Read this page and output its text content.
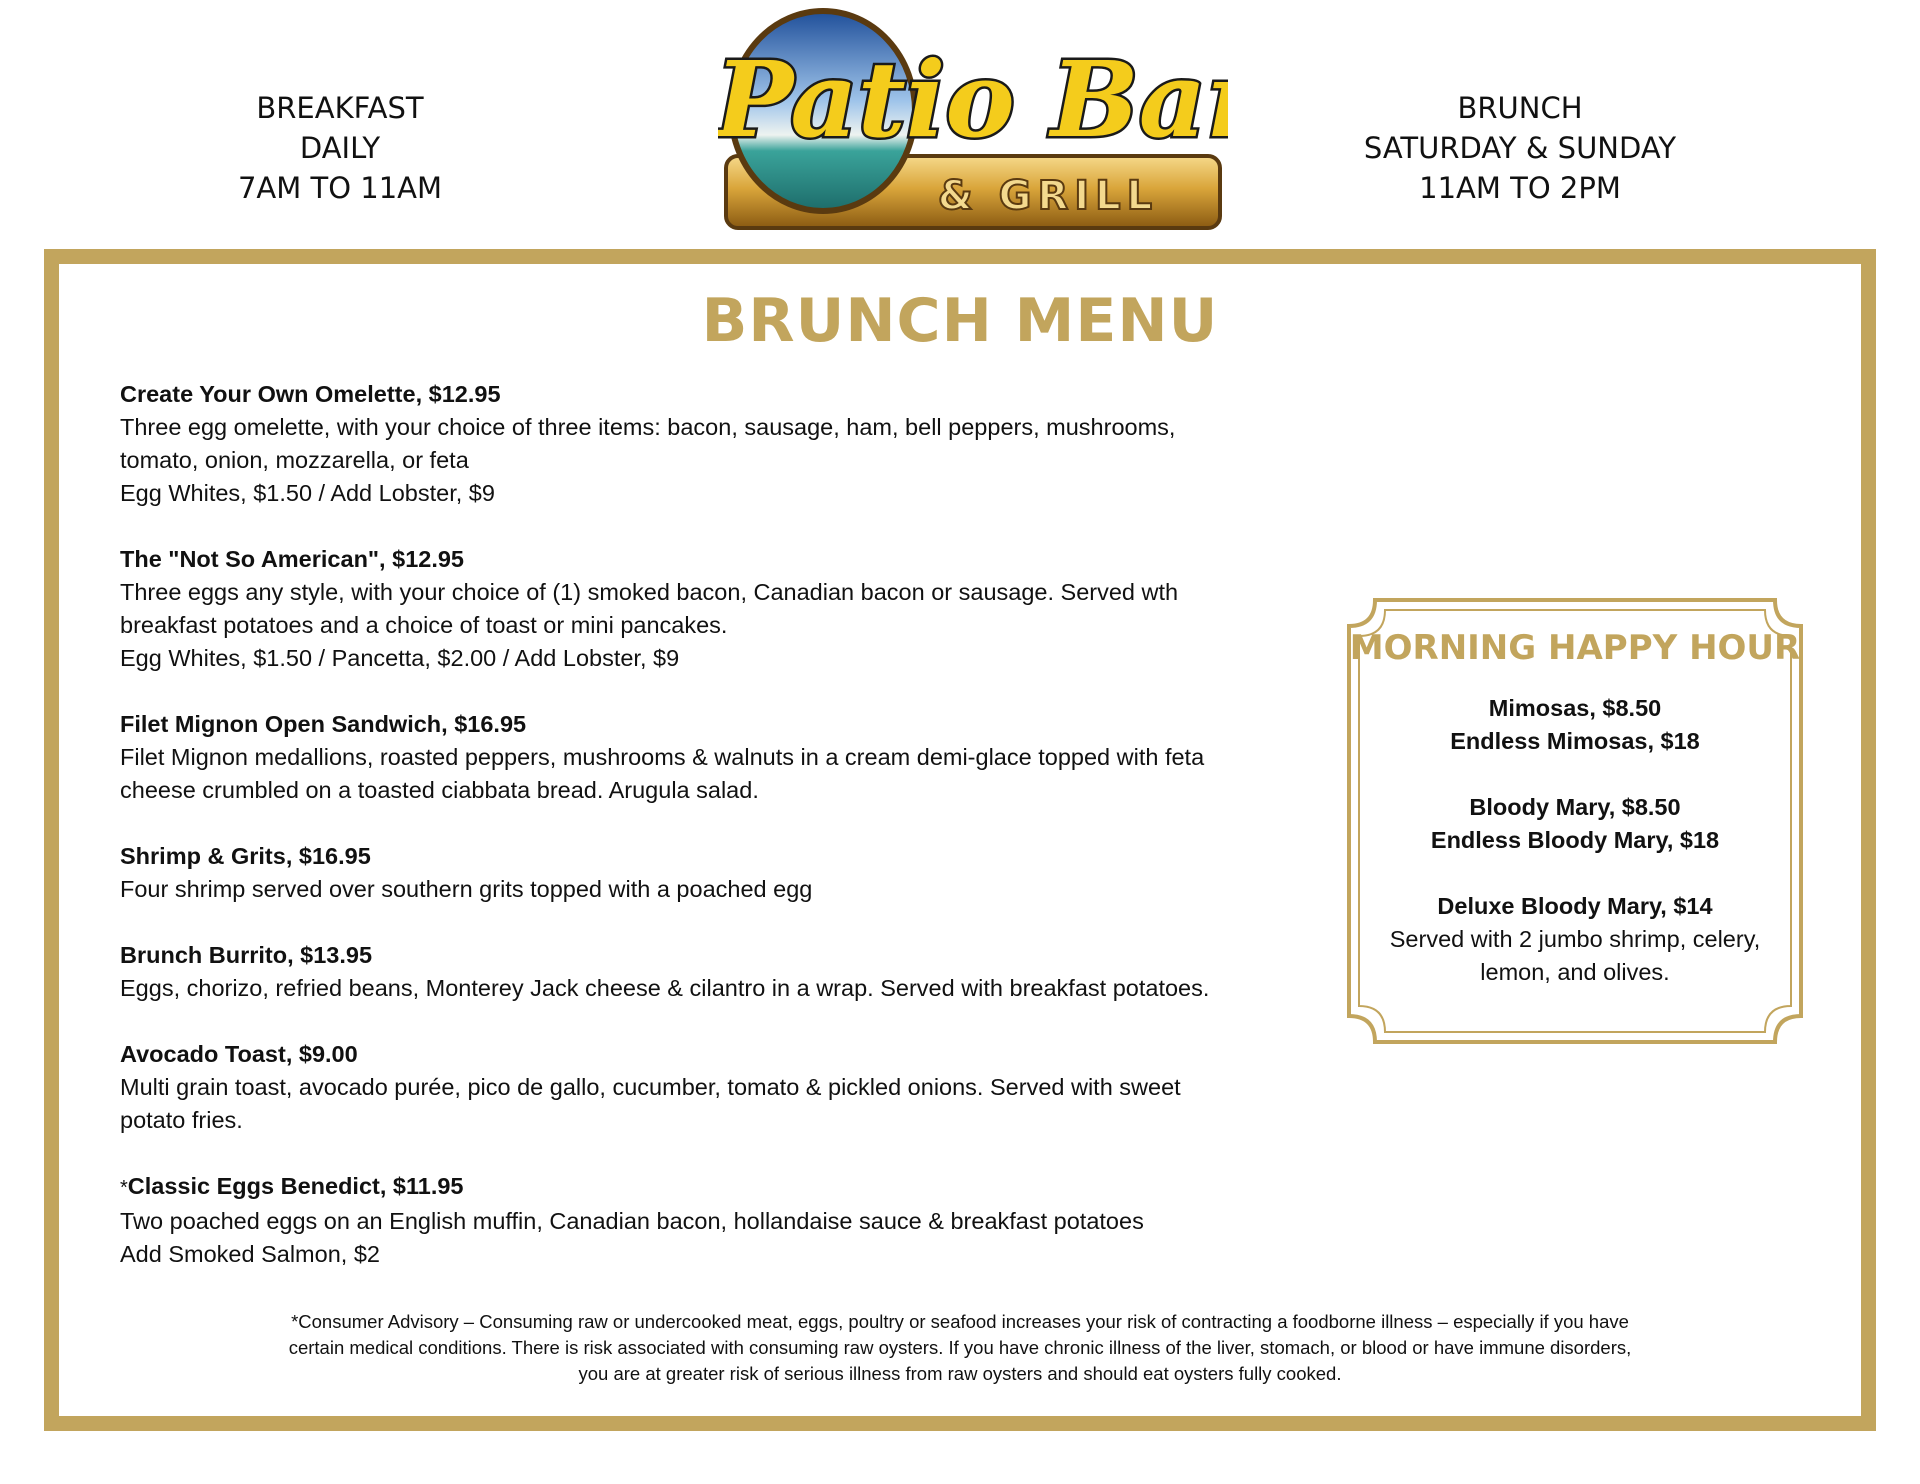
BREAKFAST
DAILY
7AM TO 11AM	& GRILL
Patio Bar	BRUNCH
SATURDAY & SUNDAY
11AM TO 2PM
BRUNCH MENU
Create Your Own Omelette, $12.95

Three egg omelette, with your choice of three items: bacon, sausage, ham, bell peppers, mushrooms, tomato, onion, mozzarella, or feta

Egg Whites, $1.50 / Add Lobster, $9

The "Not So American", $12.95

Three eggs any style, with your choice of (1) smoked bacon, Canadian bacon or sausage. Served wth breakfast potatoes and a choice of toast or mini pancakes.

Egg Whites, $1.50 / Pancetta, $2.00 / Add Lobster, $9

Filet Mignon Open Sandwich, $16.95

Filet Mignon medallions, roasted peppers, mushrooms & walnuts in a cream demi-glace topped with feta cheese crumbled on a toasted ciabbata bread. Arugula salad.

Shrimp & Grits, $16.95

Four shrimp served over southern grits topped with a poached egg

Brunch Burrito, $13.95

Eggs, chorizo, refried beans, Monterey Jack cheese & cilantro in a wrap. Served with breakfast potatoes.

Avocado Toast, $9.00

Multi grain toast, avocado purée, pico de gallo, cucumber, tomato & pickled onions. Served with sweet potato fries.

*Classic Eggs Benedict, $11.95

Two poached eggs on an English muffin, Canadian bacon, hollandaise sauce & breakfast potatoes

Add Smoked Salmon, $2

MORNING HAPPY HOUR

Mimosas, $8.50

Endless Mimosas, $18

Bloody Mary, $8.50

Endless Bloody Mary, $18

Deluxe Bloody Mary, $14

Served with 2 jumbo shrimp, celery, lemon, and olives.

*Consumer Advisory – Consuming raw or undercooked meat, eggs, poultry or seafood increases your risk of contracting a foodborne illness – especially if you have certain medical conditions. There is risk associated with consuming raw oysters. If you have chronic illness of the liver, stomach, or blood or have immune disorders, you are at greater risk of serious illness from raw oysters and should eat oysters fully cooked.
